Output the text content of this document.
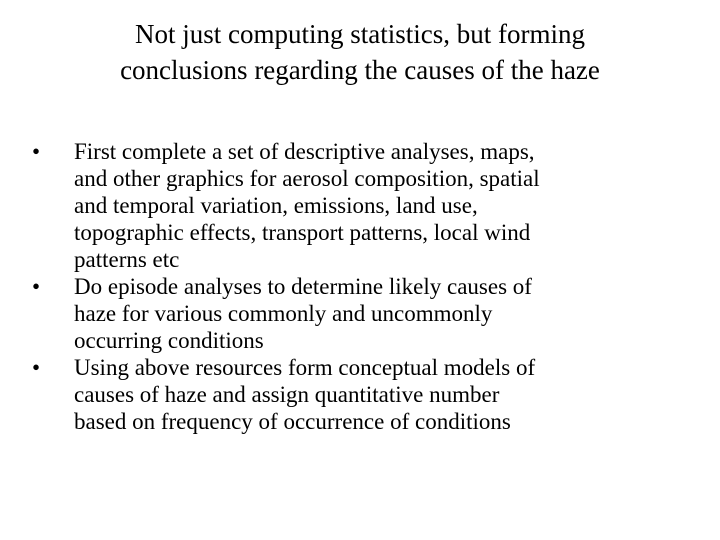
Not just computing statistics, but forming
conclusions regarding the causes of the haze
• First complete a set of descriptive analyses, maps,
and other graphics for aerosol composition, spatial
and temporal variation, emissions, land use,
topographic effects, transport patterns, local wind
patterns etc
• Do episode analyses to determine likely causes of
haze for various commonly and uncommonly
occurring conditions
• Using above resources form conceptual models of
causes of haze and assign quantitative number
based on frequency of occurrence of conditions
